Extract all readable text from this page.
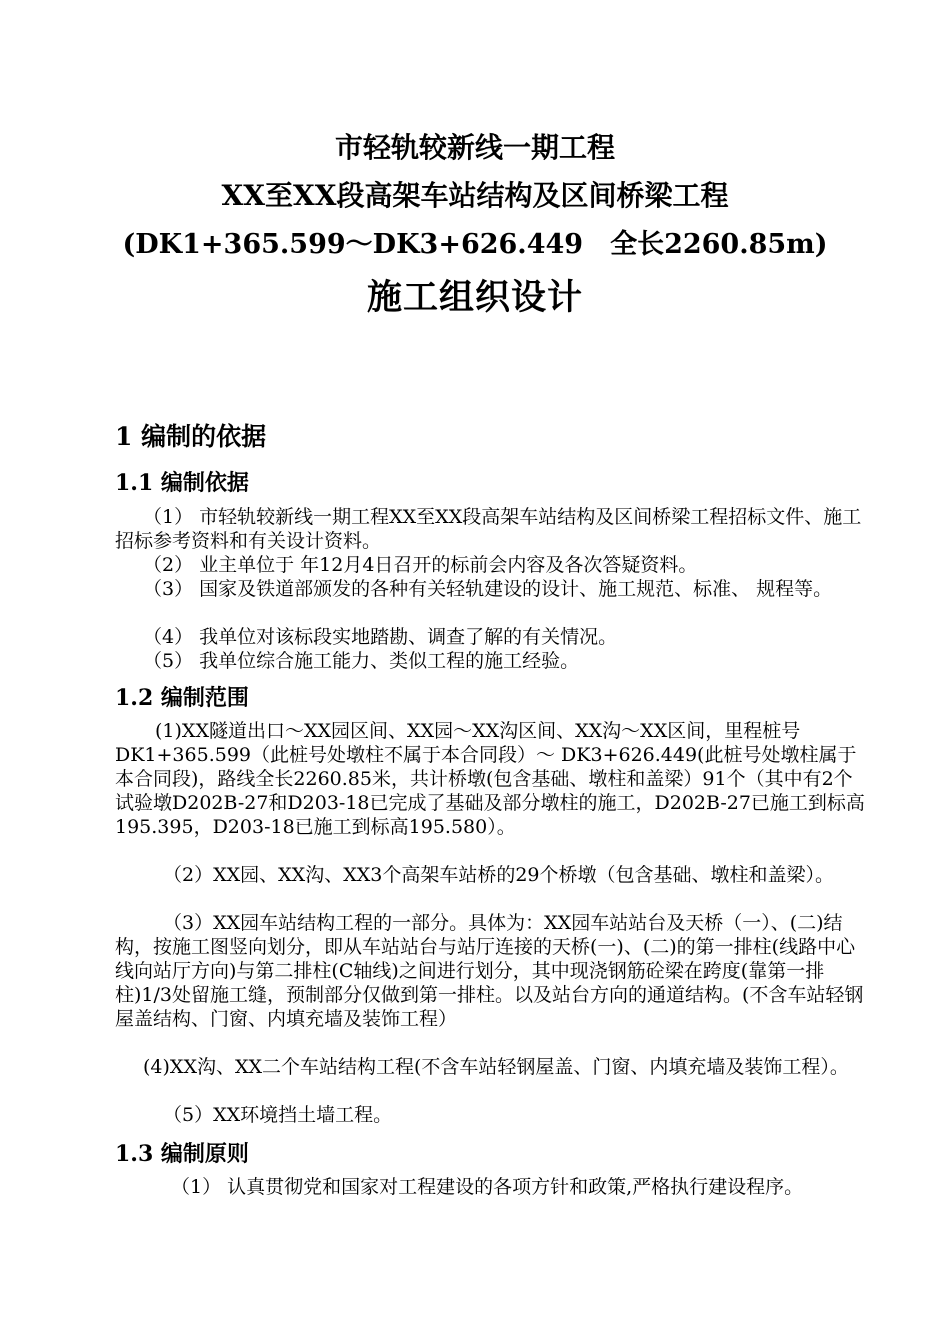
市轻轨较新线一期工程
XX至XX段高架车站结构及区间桥梁工程
(DK1+365.599～DK3+626.449　全长2260.85m)
施工组织设计
1 编制的依据
1.1 编制依据
（1） 市轻轨较新线一期工程XX至XX段高架车站结构及区间桥梁工程招标文件、施工招标参考资料和有关设计资料。
（2） 业主单位于 年12月4日召开的标前会内容及各次答疑资料。
（3） 国家及铁道部颁发的各种有关轻轨建设的设计、施工规范、标准、 规程等。
（4） 我单位对该标段实地踏勘、调查了解的有关情况。
（5） 我单位综合施工能力、类似工程的施工经验。
1.2 编制范围
(1)XX隧道出口～XX园区间、XX园～XX沟区间、XX沟～XX区间，里程桩号DK1+365.599（此桩号处墩柱不属于本合同段）～ DK3+626.449(此桩号处墩柱属于本合同段)，路线全长2260.85米，共计桥墩(包含基础、墩柱和盖梁）91个（其中有2个试验墩D202B-27和D203-18已完成了基础及部分墩柱的施工，D202B-27已施工到标高195.395，D203-18已施工到标高195.580）。
（2）XX园、XX沟、XX3个高架车站桥的29个桥墩（包含基础、墩柱和盖梁）。
（3）XX园车站结构工程的一部分。具体为：XX园车站站台及天桥（一）、(二)结构，按施工图竖向划分，即从车站站台与站厅连接的天桥(一)、(二)的第一排柱(线路中心线向站厅方向)与第二排柱(C轴线)之间进行划分，其中现浇钢筋砼梁在跨度(靠第一排柱)1/3处留施工缝，预制部分仅做到第一排柱。以及站台方向的通道结构。(不含车站轻钢屋盖结构、门窗、内填充墙及装饰工程）
(4)XX沟、XX二个车站结构工程(不含车站轻钢屋盖、门窗、内填充墙及装饰工程）。
（5）XX环境挡土墙工程。
1.3 编制原则
（1） 认真贯彻党和国家对工程建设的各项方针和政策,严格执行建设程序。
